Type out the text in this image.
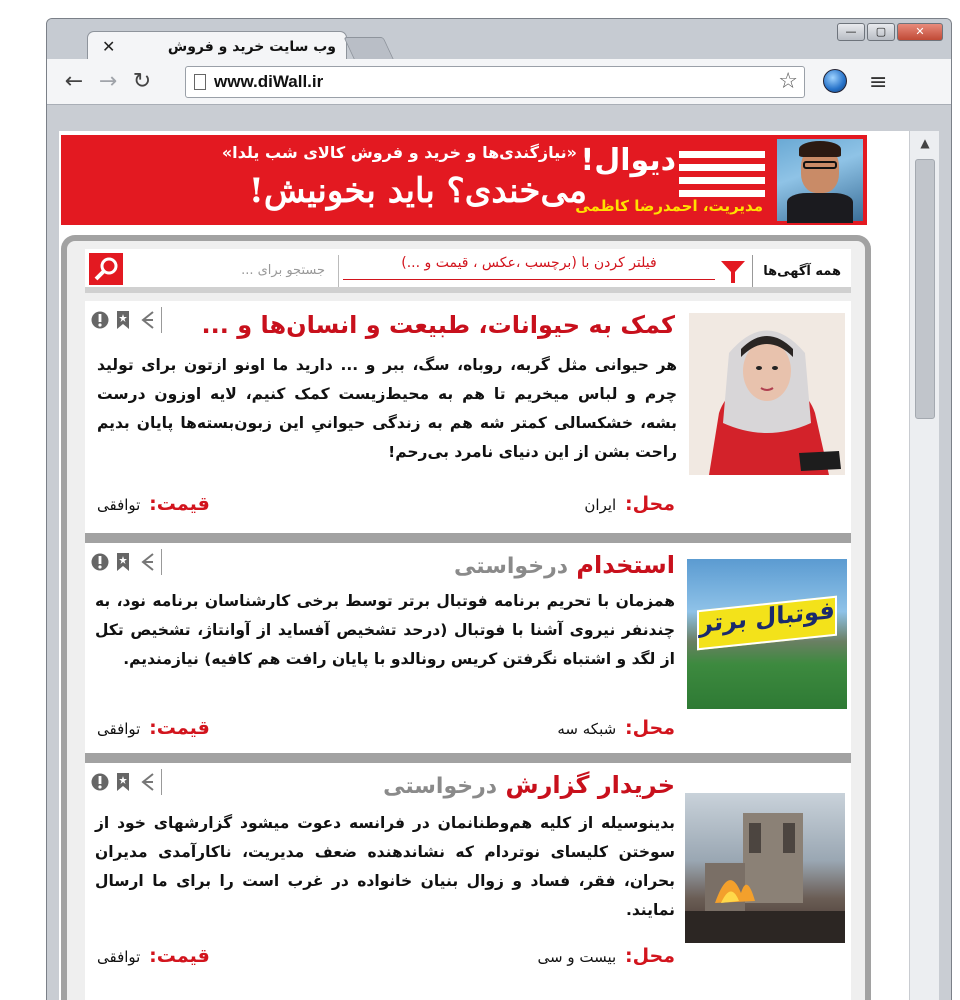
وب سایت خرید و فروش
✕
—	▢	✕
← → ↻	www.diWall.ir	☆	≡
دیوال!
مدیریت، احمدرضا کاظمی
«نیازگندی‌ها و خرید و فروش کالای شب یلدا»
می‌خندی؟ باید بخونیش!
همه آگهی‌ها
فیلتر کردن با (برچسب ،عکس ، قیمت و ...)
جستجو برای ...
کمک به حیوانات، طبیعت و انسان‌ها و ...
هر حیوانی مثل گربه، روباه، سگ، ببر و ... دارید ما اونو ازتون برای تولید چرم و لباس میخریم تا هم به محیط‌زیست کمک کنیم، لایه اوزون درست بشه، خشکسالی کمتر شه هم به زندگی حیوانیِ این زبون‌بسته‌ها پایان بدیم راحت بشن از این دنیای نامرد بی‌رحم!
محل: ایران
قیمت: توافقی
فوتبال برتر
استخدام درخواستی
همزمان با تحریم برنامه فوتبال برتر توسط برخی کارشناسان برنامه نود، به چندنفر نیروی آشنا با فوتبال (درحد تشخیص آفساید از آوانتاژ، تشخیص تکل از لگد و اشتباه نگرفتن کریس رونالدو با پایان رافت هم کافیه) نیازمندیم.
محل: شبکه سه
قیمت: توافقی
خریدار گزارش درخواستی
بدینوسیله از کلیه هم‌وطنانمان در فرانسه دعوت میشود گزارشهای خود از سوختن کلیسای نوتردام که نشاندهنده ضعف مدیریت، ناکارآمدی مدیران بحران، فقر، فساد و زوال بنیان خانواده در غرب است را برای ما ارسال نمایند.
محل: بیست و سی
قیمت: توافقی
▲
